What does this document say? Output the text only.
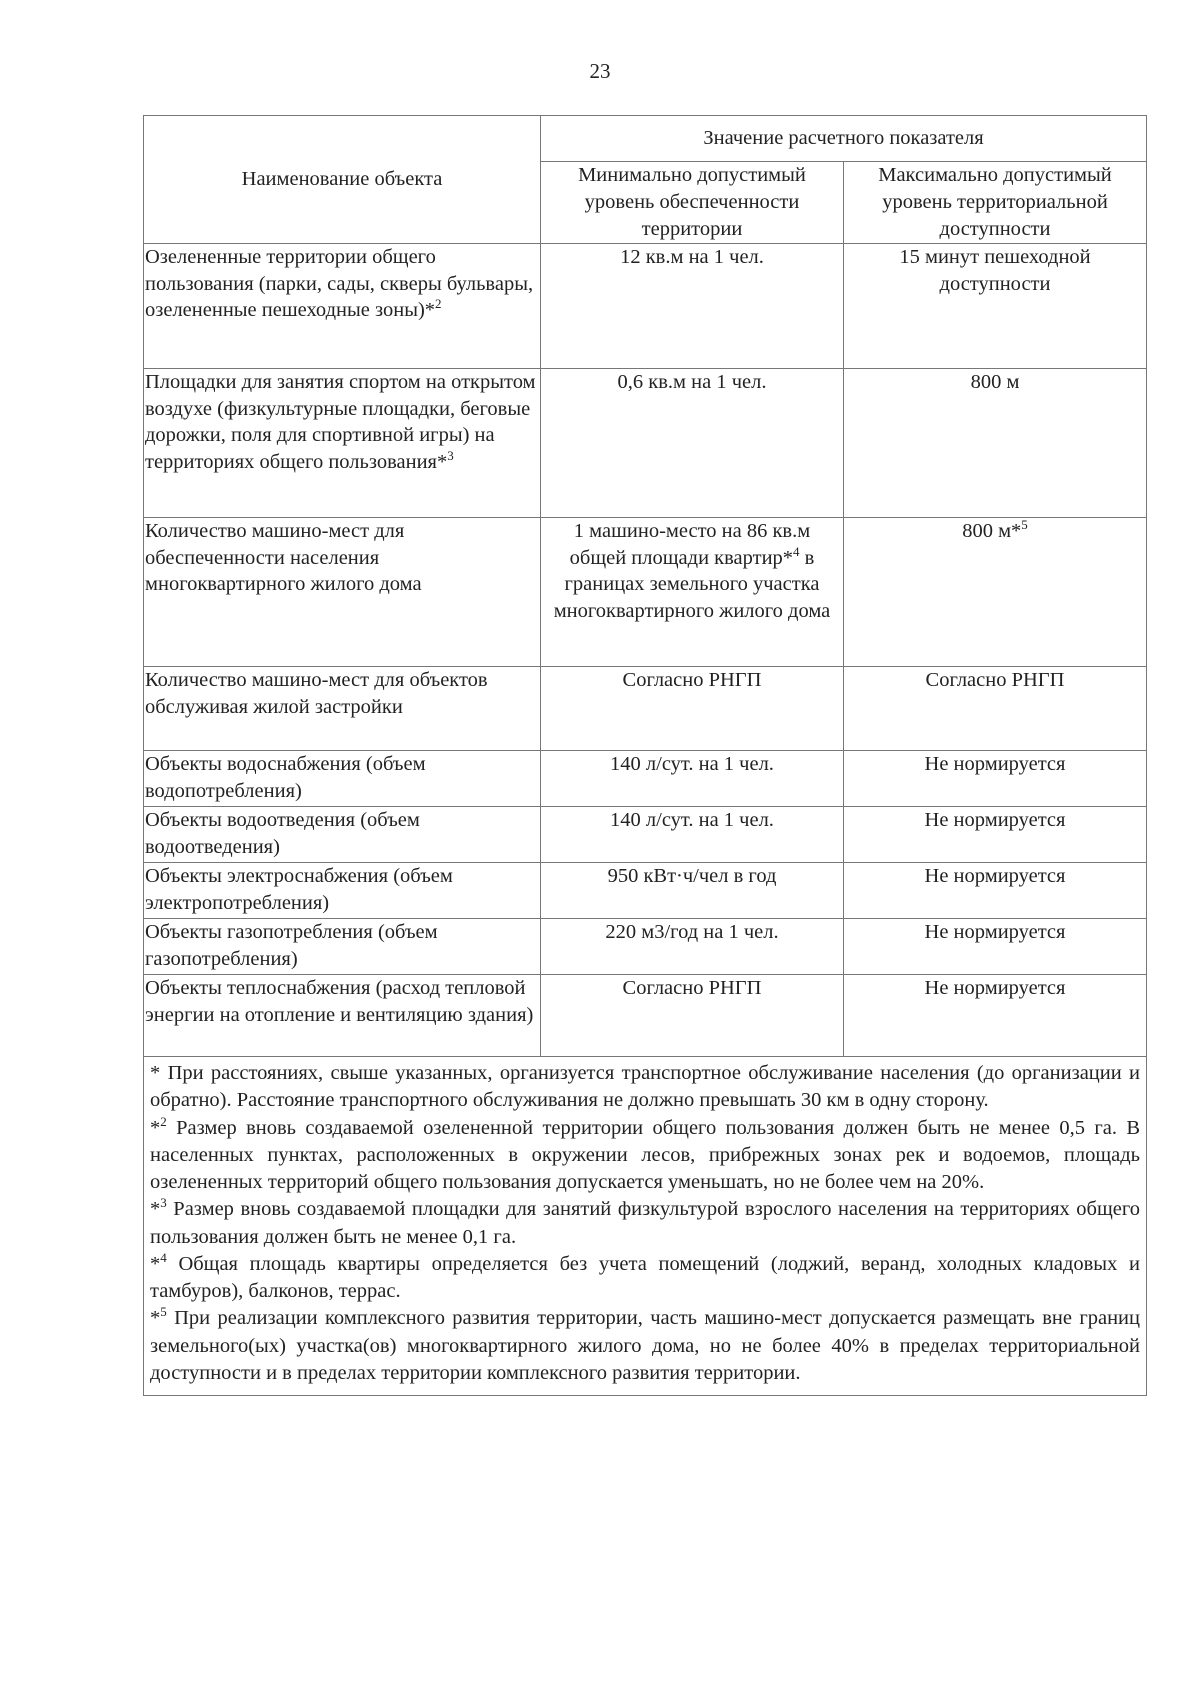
23
Наименование объекта	Значение расчетного показателя	
	Минимально допустимый уровень обеспеченности территории	Максимально допустимый уровень территориальной доступности
Озелененные территории общего пользования (парки, сады, скверы бульвары, озелененные пешеходные зоны)*$^2$	12 кв.м на 1 чел.	15 минут пешеходной доступности
Площадки для занятия спортом на открытом воздухе (физкультурные площадки, беговые дорожки, поля для спортивной игры) на территориях общего пользования*$^3$	0,6 кв.м на 1 чел.	800 м
Количество машино-мест для обеспеченности населения многоквартирного жилого дома	1 машино-место на 86 кв.м общей площади квартир*$^4$ в границах земельного участка многоквартирного жилого дома	800 м*$^5$
Количество машино-мест для объектов обслуживая жилой застройки	Согласно РНГП	Согласно РНГП
Объекты водоснабжения (объем водопотребления)	140 л/сут. на 1 чел.	Не нормируется
Объекты водоотведения (объем водоотведения)	140 л/сут. на 1 чел.	Не нормируется
Объекты электроснабжения (объем электропотребления)	950 кВт·ч/чел в год	Не нормируется
Объекты газопотребления (объем газопотребления)	220 м3/год на 1 чел.	Не нормируется
Объекты теплоснабжения (расход тепловой энергии на отопление и вентиляцию здания)	Согласно РНГП	Не нормируется

* При расстояниях, свыше указанных, организуется транспортное обслуживание населения (до организации и обратно). Расстояние транспортного обслуживания не должно превышать 30 км в одну сторону.

*$^2$ Размер вновь создаваемой озелененной территории общего пользования должен быть не менее 0,5 га. В населенных пунктах, расположенных в окружении лесов, прибрежных зонах рек и водоемов, площадь озелененных территорий общего пользования допускается уменьшать, но не более чем на 20%.

*$^3$ Размер вновь создаваемой площадки для занятий физкультурой взрослого населения на территориях общего пользования должен быть не менее 0,1 га.

*$^4$ Общая площадь квартиры определяется без учета помещений (лоджий, веранд, холодных кладовых и тамбуров), балконов, террас.

*$^5$ При реализации комплексного развития территории, часть машино-мест допускается размещать вне границ земельного(ых) участка(ов) многоквартирного жилого дома, но не более 40% в пределах территориальной доступности и в пределах территории комплексного развития территории.		
